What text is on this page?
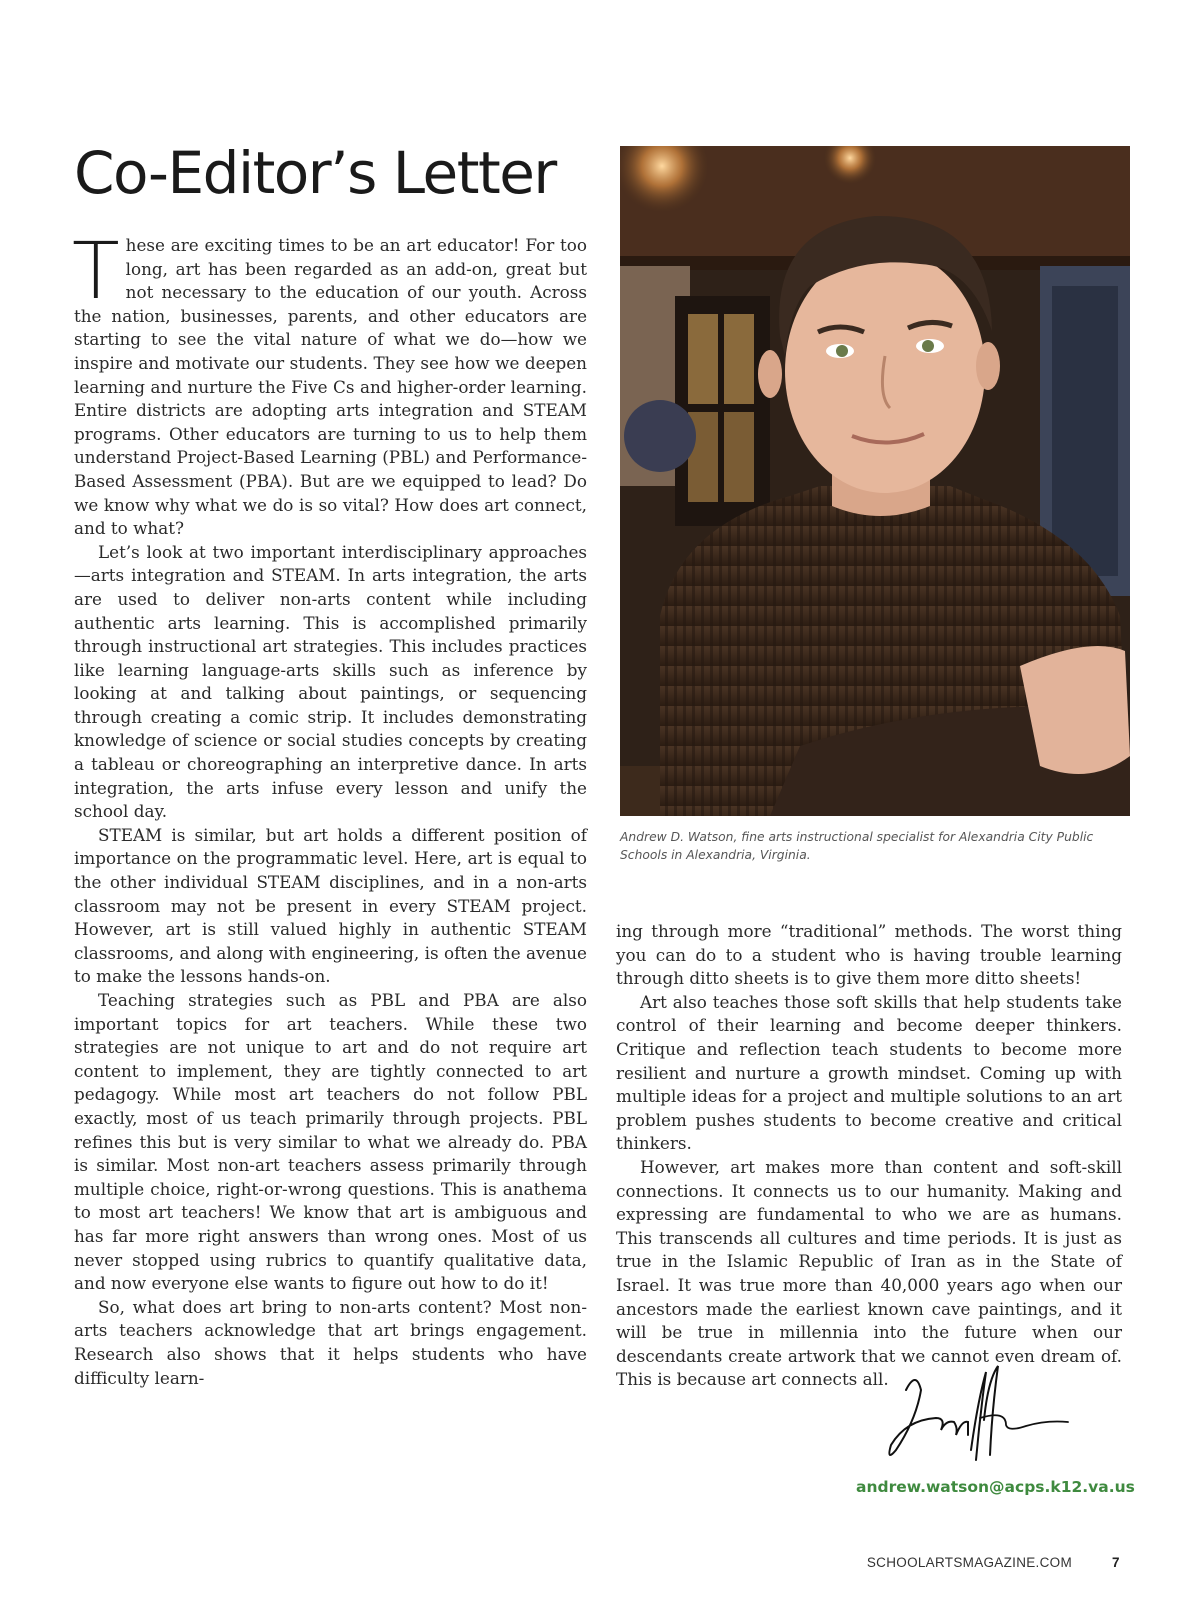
Co-Editor’s Letter

These are exciting times to be an art educator! For too long, art has been regarded as an add-on, great but not necessary to the education of our youth. Across the nation, businesses, parents, and other educators are starting to see the vital nature of what we do—how we inspire and motivate our students. They see how we deepen learning and nurture the Five Cs and higher-order learning. Entire districts are adopting arts integration and STEAM programs. Other educators are turning to us to help them understand Project-Based Learning (PBL) and Performance-Based Assessment (PBA). But are we equipped to lead? Do we know why what we do is so vital? How does art connect, and to what?

Let’s look at two important interdisciplinary approaches—arts integration and STEAM. In arts integration, the arts are used to deliver non-arts content while including authentic arts learning. This is accomplished primarily through instructional art strategies. This includes practices like learning language-arts skills such as inference by looking at and talking about paintings, or sequencing through creating a comic strip. It includes demonstrating knowledge of science or social studies concepts by creating a tableau or choreographing an interpretive dance. In arts integration, the arts infuse every lesson and unify the school day.

STEAM is similar, but art holds a different position of importance on the programmatic level. Here, art is equal to the other individual STEAM disciplines, and in a non-arts classroom may not be present in every STEAM project. However, art is still valued highly in authentic STEAM classrooms, and along with engineering, is often the avenue to make the lessons hands-on.

Teaching strategies such as PBL and PBA are also important topics for art teachers. While these two strategies are not unique to art and do not require art content to implement, they are tightly connected to art pedagogy. While most art teachers do not follow PBL exactly, most of us teach primarily through projects. PBL refines this but is very similar to what we already do. PBA is similar. Most non-art teachers assess primarily through multiple choice, right-or-wrong questions. This is anathema to most art teachers! We know that art is ambiguous and has far more right answers than wrong ones. Most of us never stopped using rubrics to quantify qualitative data, and now everyone else wants to figure out how to do it!

So, what does art bring to non-arts content? Most non-arts teachers acknowledge that art brings engagement. Research also shows that it helps students who have difficulty learn-

Andrew D. Watson, fine arts instructional specialist for Alexandria City Public Schools in Alexandria, Virginia.

ing through more “traditional” methods. The worst thing you can do to a student who is having trouble learning through ditto sheets is to give them more ditto sheets!

Art also teaches those soft skills that help students take control of their learning and become deeper thinkers. Critique and reflection teach students to become more resilient and nurture a growth mindset. Coming up with multiple ideas for a project and multiple solutions to an art problem pushes students to become creative and critical thinkers.

However, art makes more than content and soft-skill connections. It connects us to our humanity. Making and expressing are fundamental to who we are as humans. This transcends all cultures and time periods. It is just as true in the Islamic Republic of Iran as in the State of Israel. It was true more than 40,000 years ago when our ancestors made the earliest known cave paintings, and it will be true in millennia into the future when our descendants create artwork that we cannot even dream of. This is because art connects all.

andrew.watson@acps.k12.va.us
SCHOOLARTSMAGAZINE.COM	7
